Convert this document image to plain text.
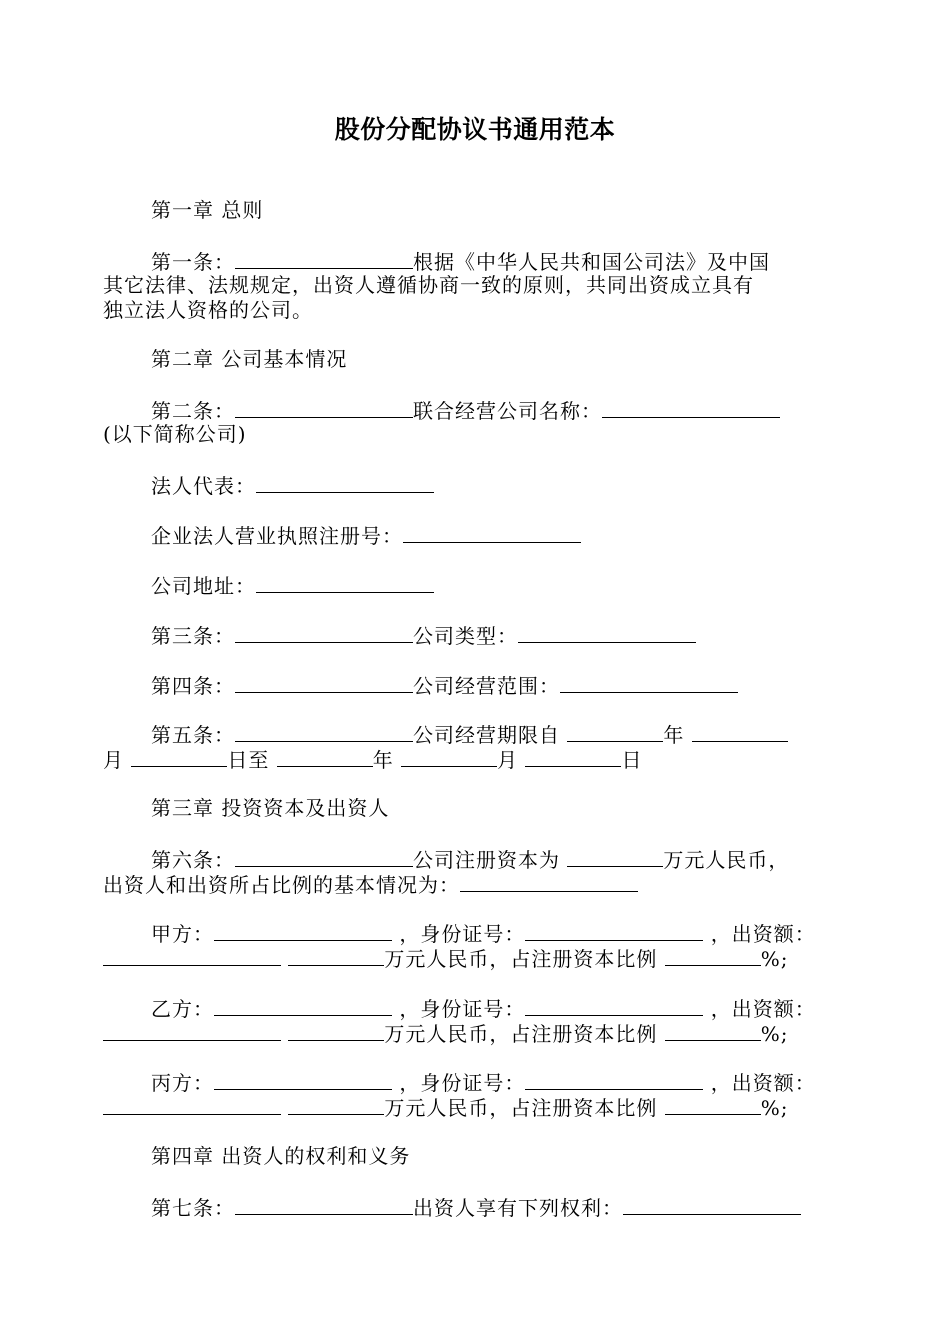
股份分配协议书通用范本
第一章 总则
第一条：	根据《中华人民共和国公司法》及中国
其它法律、法规规定，出资人遵循协商一致的原则，共同出资成立具有
独立法人资格的公司。
第二章 公司基本情况
第二条：	联合经营公司名称：
(以下简称公司)
法人代表：
企业法人营业执照注册号：
公司地址：
第三条：	公司类型：
第四条：	公司经营范围：
第五条：	公司经营期限自	年
月	日至	年	月	日
第三章 投资资本及出资人
第六条：	公司注册资本为	万元人民币，
出资人和出资所占比例的基本情况为：
甲方：	，身份证号：	，出资额：
万元人民币，占注册资本比例	%;
乙方：	，身份证号：	，出资额：
万元人民币，占注册资本比例	%;
丙方：	，身份证号：	，出资额：
万元人民币，占注册资本比例	%;
第四章 出资人的权利和义务
第七条：	出资人享有下列权利：
